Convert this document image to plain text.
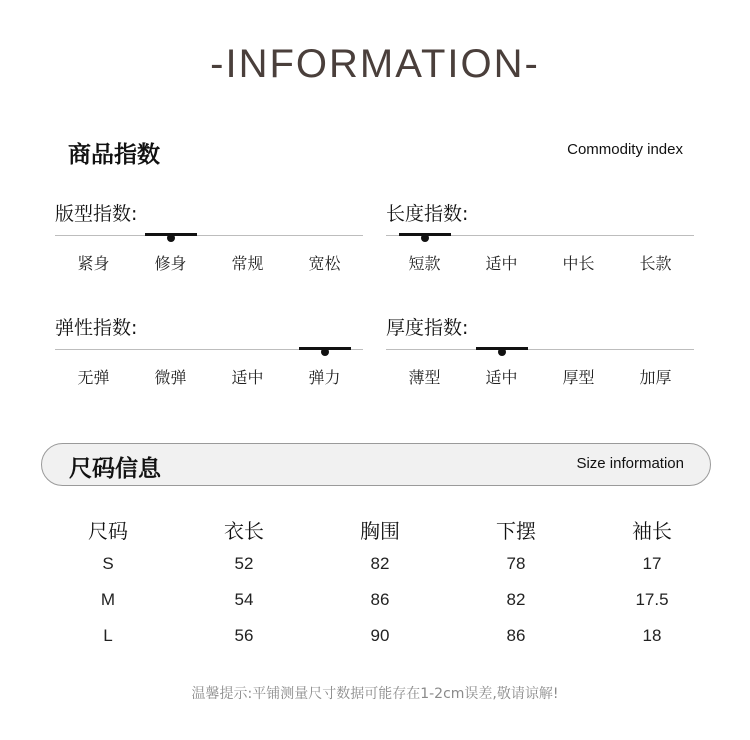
-INFORMATION-
商品指数	Commodity index
版型指数:
紧身	修身	常规	宽松
长度指数:
短款	适中	中长	长款
弹性指数:
无弹	微弹	适中	弹力
厚度指数:
薄型	适中	厚型	加厚
尺码信息	Size information
尺码	衣长	胸围	下摆	袖长
S	52	82	78	17
M	54	86	82	17.5
L	56	90	86	18
温馨提示:平铺测量尺寸数据可能存在1-2cm误差,敬请谅解!
